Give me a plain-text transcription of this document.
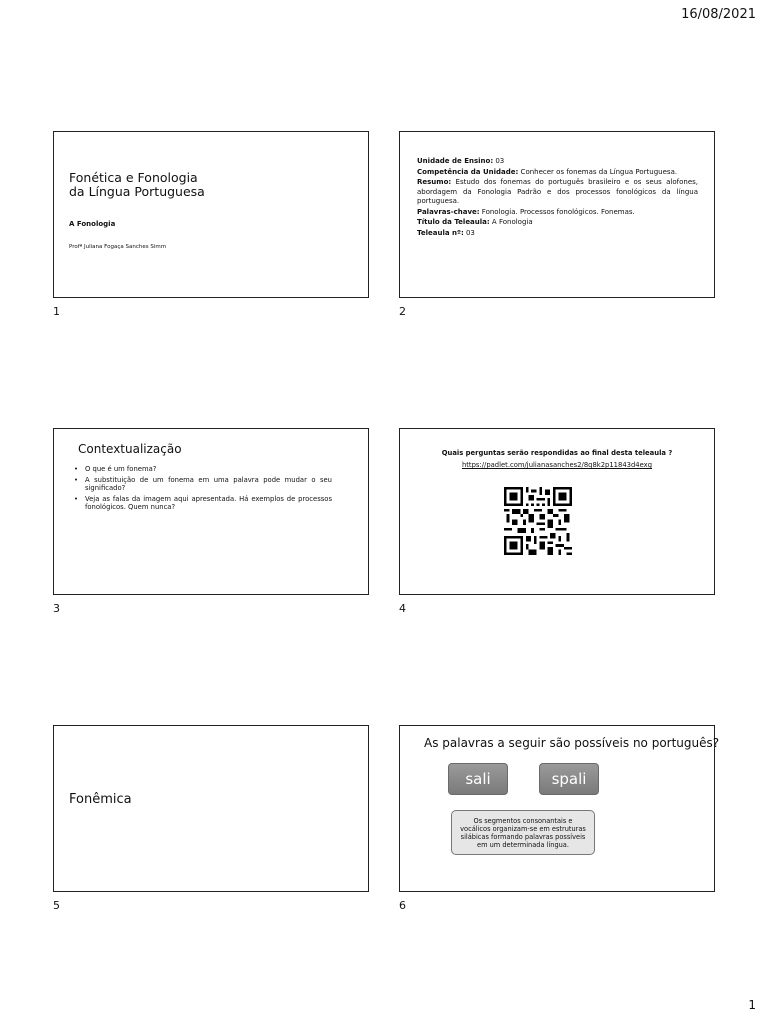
16/08/2021
Fonética e Fonologia
da Língua Portuguesa
A Fonologia
Profª Juliana Fogaça Sanches Simm
1

Unidade de Ensino: 03

Competência da Unidade: Conhecer os fonemas da Língua Portuguesa.

Resumo: Estudo dos fonemas do português brasileiro e os seus alofones, abordagem da Fonologia Padrão e dos processos fonológicos da língua portuguesa.

Palavras-chave: Fonologia. Processos fonológicos. Fonemas.

Título da Teleaula: A Fonologia

Teleaula nº: 03

2
Contextualização
• O que é um fonema?
• A substituição de um fonema em uma palavra pode mudar o seu significado?
• Veja as falas da imagem aqui apresentada. Há exemplos de processos fonológicos. Quem nunca?
3
Quais perguntas serão respondidas ao final desta teleaula ?
https://padlet.com/julianasanches2/8q8k2p11843d4exg
4
Fonêmica
5
As palavras a seguir são possíveis no português?
sali	spali
Os segmentos consonantais e vocálicos organizam-se em estruturas silábicas formando palavras possíveis em um determinada língua.
6
1
